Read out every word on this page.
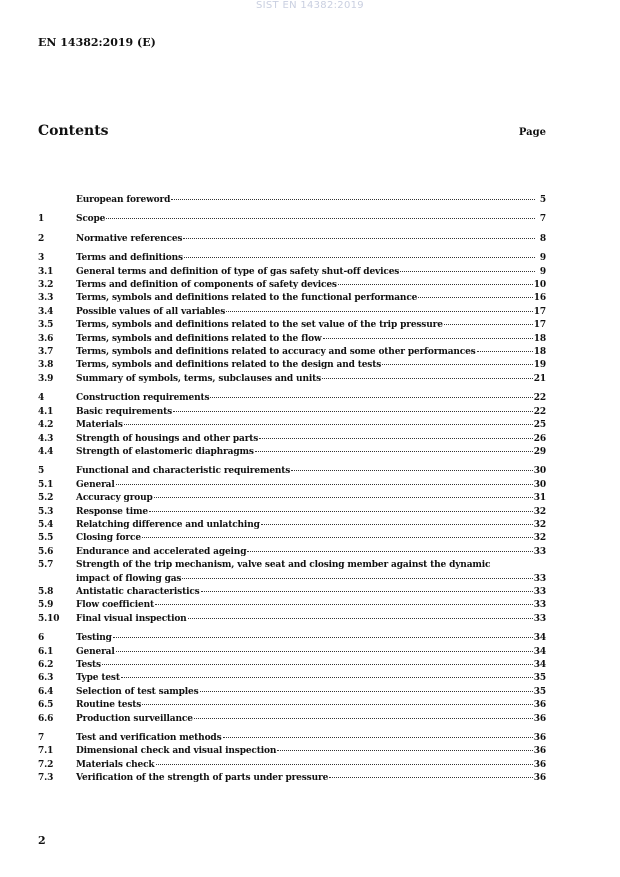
SIST EN 14382:2019
EN 14382:2019 (E)
Contents	Page
European foreword	5
1	Scope	7
2	Normative references	8
3	Terms and definitions	9
3.1	General terms and definition of type of gas safety shut-off devices	9
3.2	Terms and definition of components of safety devices	10
3.3	Terms, symbols and definitions related to the functional performance	16
3.4	Possible values of all variables	17
3.5	Terms, symbols and definitions related to the set value of the trip pressure	17
3.6	Terms, symbols and definitions related to the flow	18
3.7	Terms, symbols and definitions related to accuracy and some other performances	18
3.8	Terms, symbols and definitions related to the design and tests	19
3.9	Summary of symbols, terms, subclauses and units	21
4	Construction requirements	22
4.1	Basic requirements	22
4.2	Materials	25
4.3	Strength of housings and other parts	26
4.4	Strength of elastomeric diaphragms	29
5	Functional and characteristic requirements	30
5.1	General	30
5.2	Accuracy group	31
5.3	Response time	32
5.4	Relatching difference and unlatching	32
5.5	Closing force	32
5.6	Endurance and accelerated ageing	33
5.7	Strength of the trip mechanism, valve seat and closing member against the dynamic
impact of flowing gas	33
5.8	Antistatic characteristics	33
5.9	Flow coefficient	33
5.10	Final visual inspection	33
6	Testing	34
6.1	General	34
6.2	Tests	34
6.3	Type test	35
6.4	Selection of test samples	35
6.5	Routine tests	36
6.6	Production surveillance	36
7	Test and verification methods	36
7.1	Dimensional check and visual inspection	36
7.2	Materials check	36
7.3	Verification of the strength of parts under pressure	36
2
